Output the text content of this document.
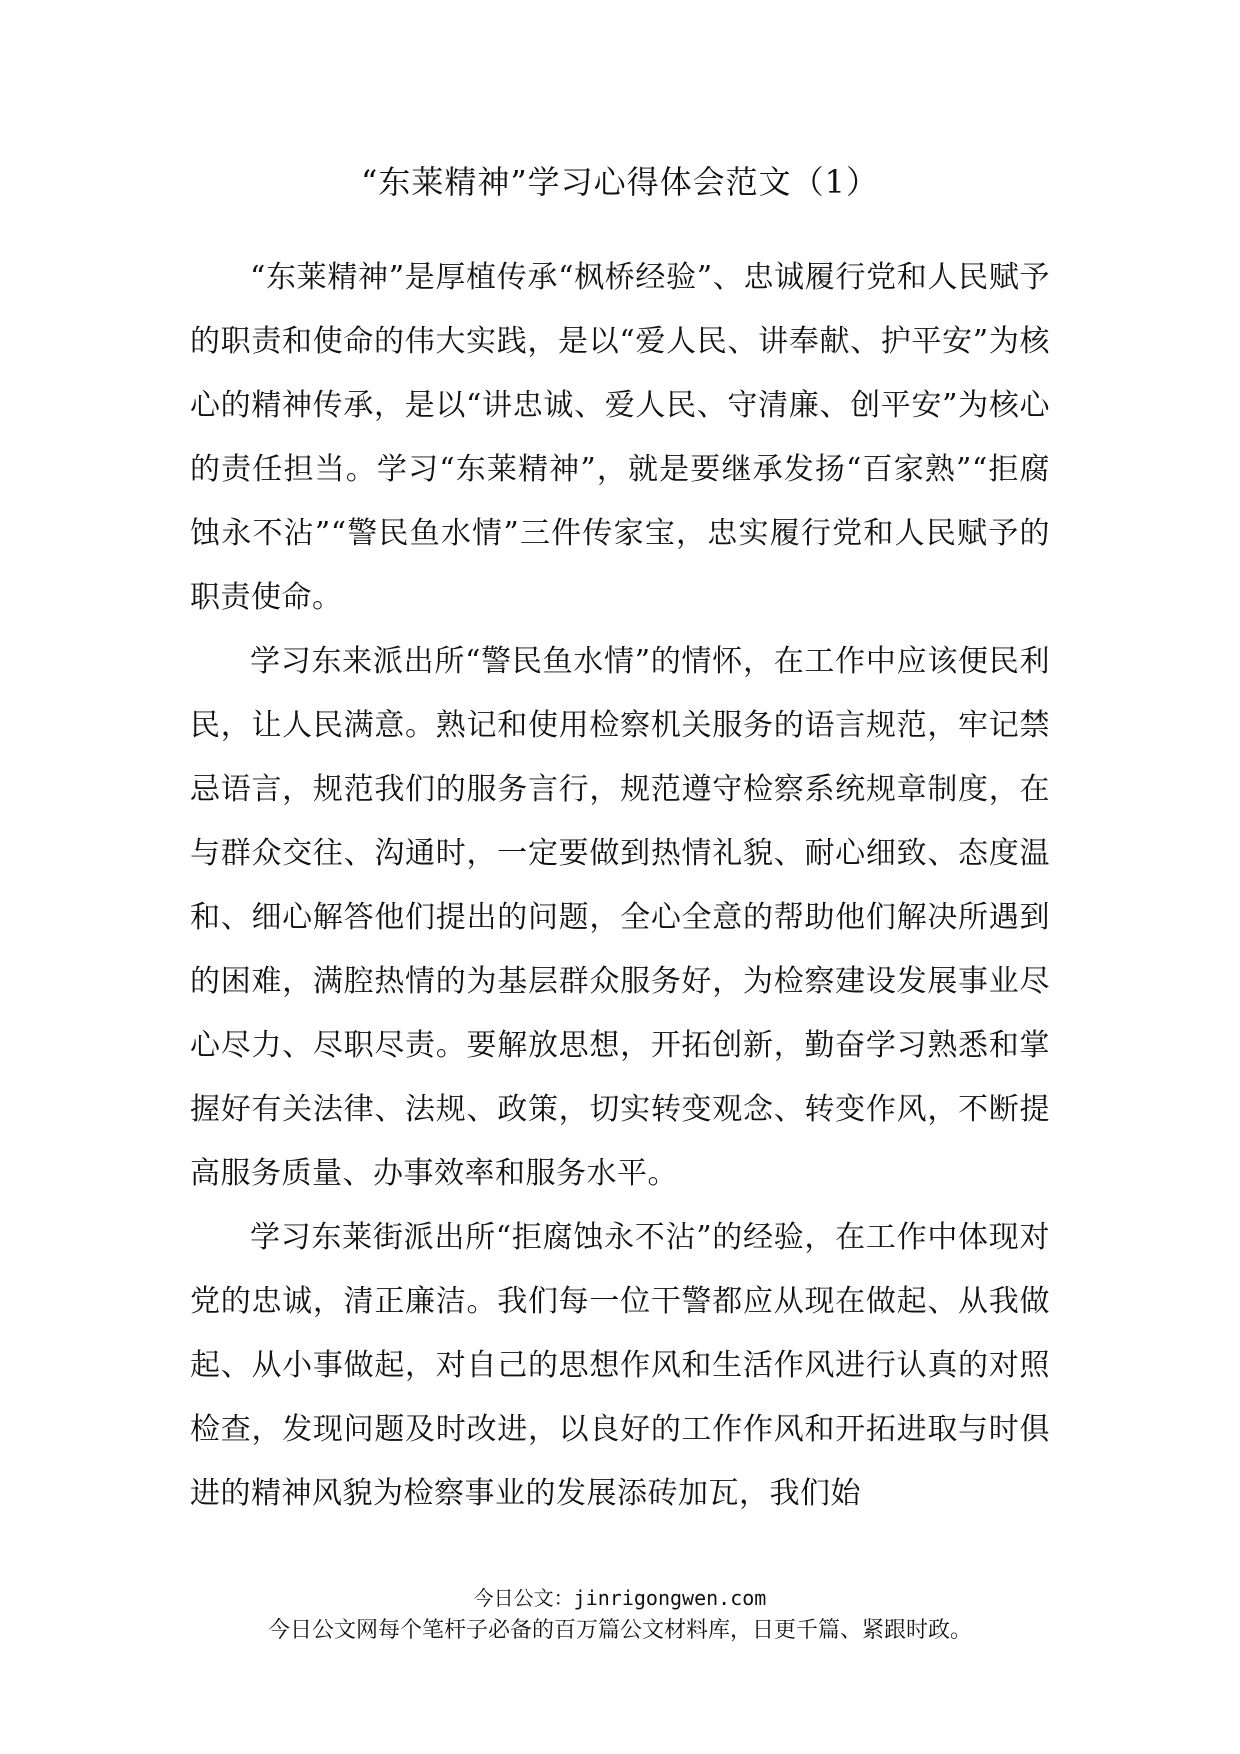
“东莱精神”学习心得体会范文（1）

“东莱精神”是厚植传承“枫桥经验”、忠诚履行党和人民赋予的职责和使命的伟大实践，是以“爱人民、讲奉献、护平安”为核心的精神传承，是以“讲忠诚、爱人民、守清廉、创平安”为核心的责任担当。学习“东莱精神”，就是要继承发扬“百家熟”“拒腐蚀永不沾”“警民鱼水情”三件传家宝，忠实履行党和人民赋予的职责使命。

学习东来派出所“警民鱼水情”的情怀，在工作中应该便民利民，让人民满意。熟记和使用检察机关服务的语言规范，牢记禁忌语言，规范我们的服务言行，规范遵守检察系统规章制度，在与群众交往、沟通时，一定要做到热情礼貌、耐心细致、态度温和、细心解答他们提出的问题，全心全意的帮助他们解决所遇到的困难，满腔热情的为基层群众服务好，为检察建设发展事业尽心尽力、尽职尽责。要解放思想，开拓创新，勤奋学习熟悉和掌握好有关法律、法规、政策，切实转变观念、转变作风，不断提高服务质量、办事效率和服务水平。

学习东莱街派出所“拒腐蚀永不沾”的经验，在工作中体现对党的忠诚，清正廉洁。我们每一位干警都应从现在做起、从我做起、从小事做起，对自己的思想作风和生活作风进行认真的对照检查，发现问题及时改进，以良好的工作作风和开拓进取与时俱进的精神风貌为检察事业的发展添砖加瓦，我们始

今日公文：jinrigongwen.com
今日公文网每个笔杆子必备的百万篇公文材料库，日更千篇、紧跟时政。
